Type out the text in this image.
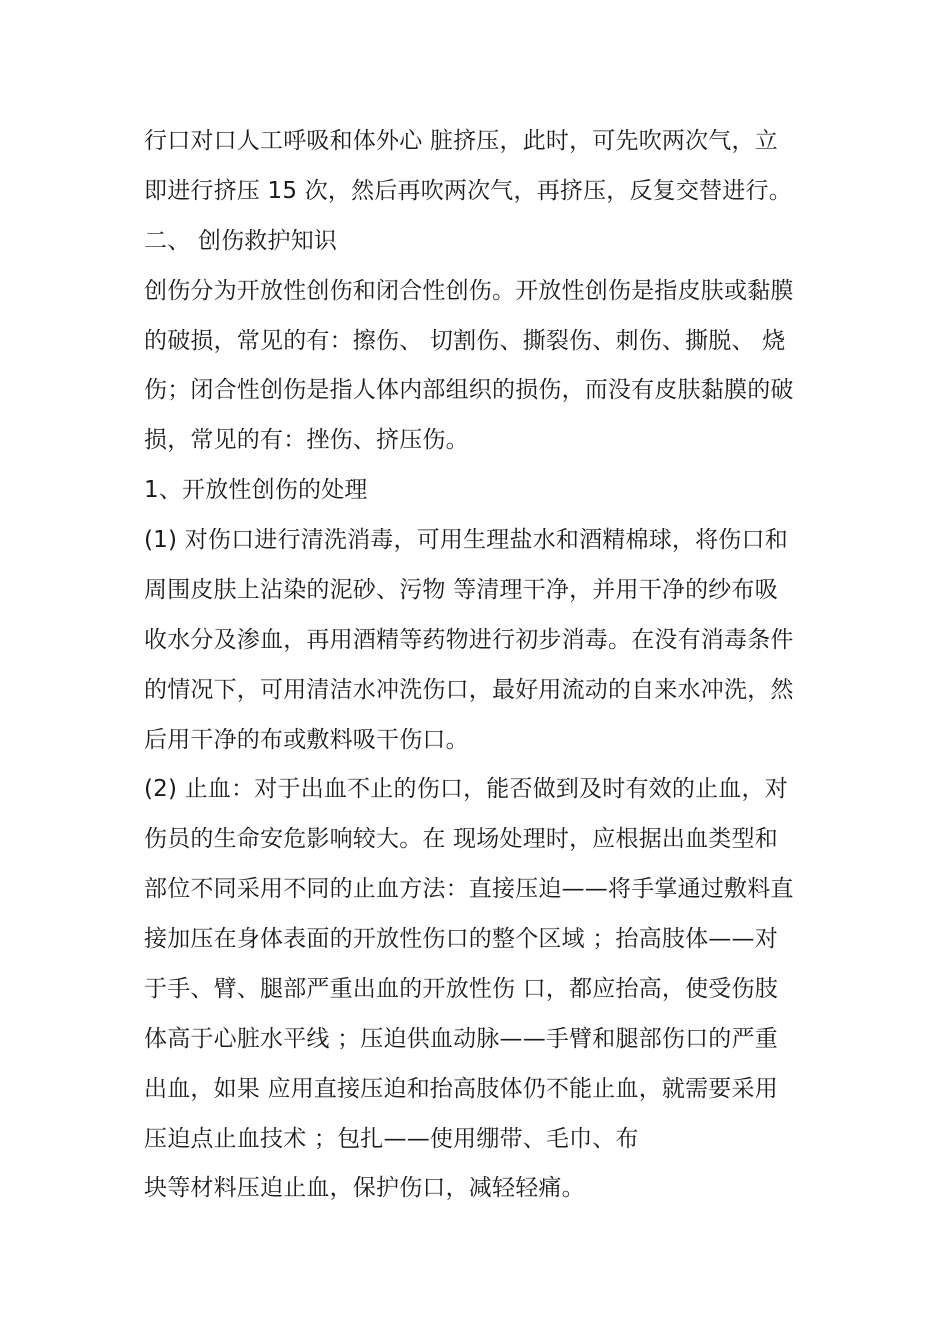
行口对口人工呼吸和体外心 脏挤压，此时，可先吹两次气，立
即进行挤压 15 次，然后再吹两次气，再挤压，反复交替进行。
二、 创伤救护知识
创伤分为开放性创伤和闭合性创伤。开放性创伤是指皮肤或黏膜
的破损，常见的有：擦伤、 切割伤、撕裂伤、刺伤、撕脱、 烧
伤；闭合性创伤是指人体内部组织的损伤，而没有皮肤黏膜的破
损，常见的有：挫伤、挤压伤。
1、开放性创伤的处理
(1) 对伤口进行清洗消毒，可用生理盐水和酒精棉球，将伤口和
周围皮肤上沾染的泥砂、污物 等清理干净，并用干净的纱布吸
收水分及渗血，再用酒精等药物进行初步消毒。在没有消毒条件
的情况下，可用清洁水冲洗伤口，最好用流动的自来水冲洗，然
后用干净的布或敷料吸干伤口。
(2) 止血：对于出血不止的伤口，能否做到及时有效的止血，对
伤员的生命安危影响较大。在 现场处理时，应根据出血类型和
部位不同采用不同的止血方法：直接压迫——将手掌通过敷料直
接加压在身体表面的开放性伤口的整个区域 ；抬高肢体——对
于手、臂、腿部严重出血的开放性伤 口，都应抬高，使受伤肢
体高于心脏水平线 ；压迫供血动脉——手臂和腿部伤口的严重
出血，如果 应用直接压迫和抬高肢体仍不能止血，就需要采用
压迫点止血技术 ；包扎——使用绷带、毛巾、布
块等材料压迫止血，保护伤口，减轻轻痛。
